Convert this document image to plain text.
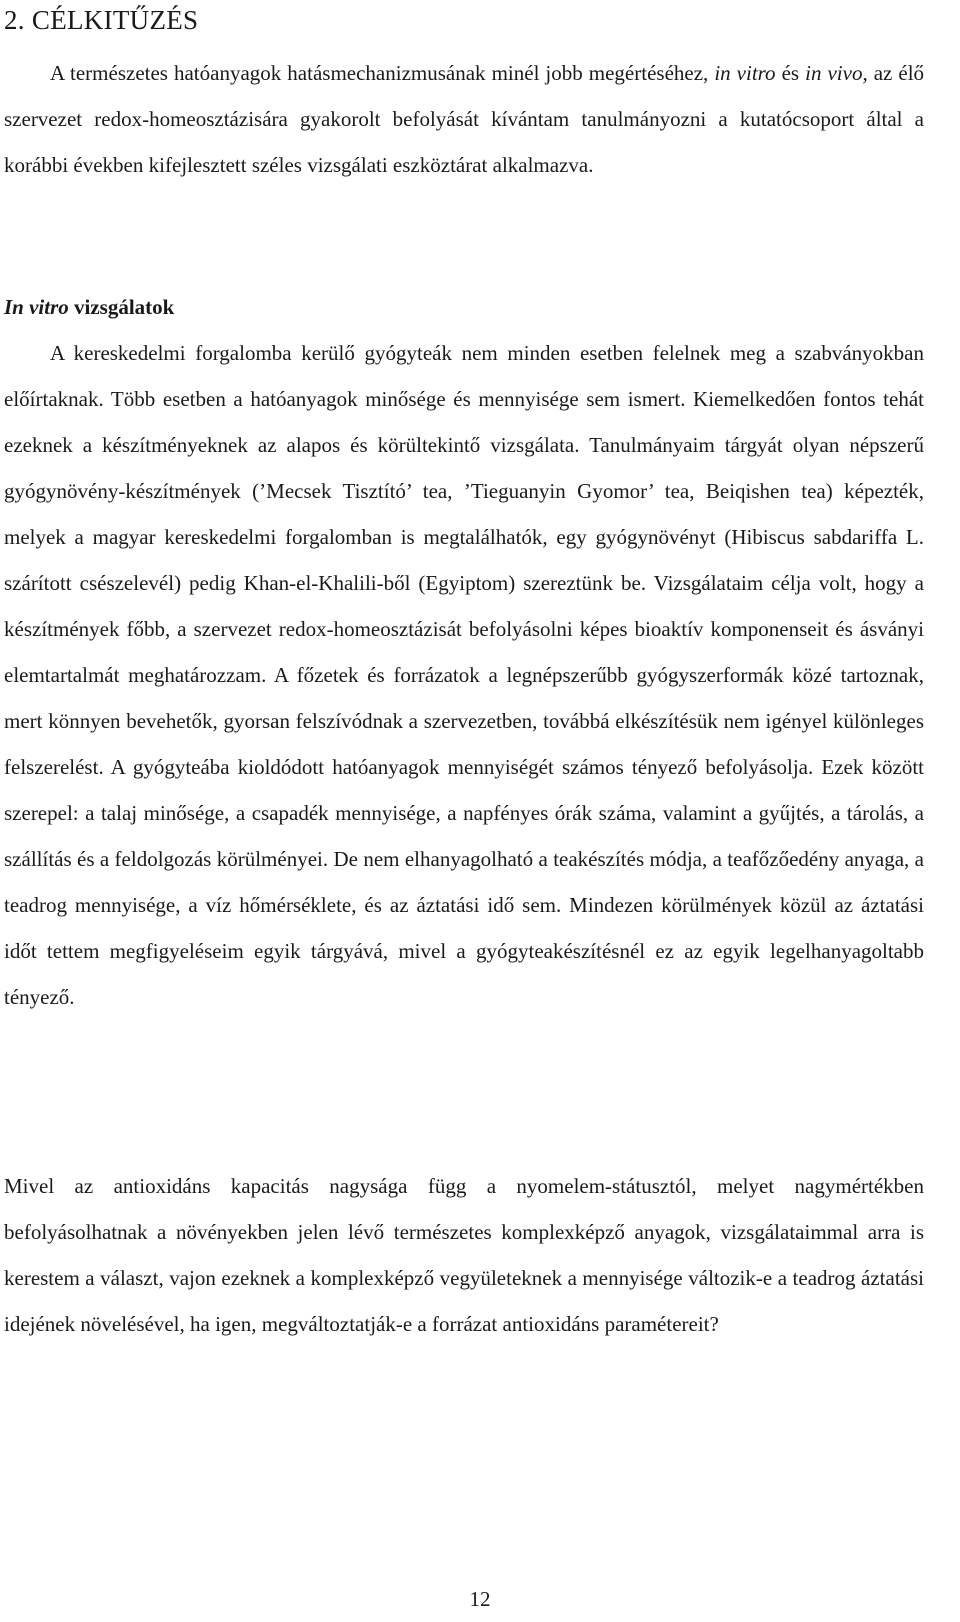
2. CÉLKITŰZÉS

A természetes hatóanyagok hatásmechanizmusának minél jobb megértéséhez, in vitro és in vivo, az élő szervezet redox-homeosztázisára gyakorolt befolyását kívántam tanulmányozni a kutatócsoport által a korábbi években kifejlesztett széles vizsgálati eszköztárat alkalmazva.

In vitro vizsgálatok

A kereskedelmi forgalomba kerülő gyógyteák nem minden esetben felelnek meg a szabványokban előírtaknak. Több esetben a hatóanyagok minősége és mennyisége sem ismert. Kiemelkedően fontos tehát ezeknek a készítményeknek az alapos és körültekintő vizsgálata. Tanulmányaim tárgyát olyan népszerű gyógynövény-készítmények (’Mecsek Tisztító’ tea, ’Tieguanyin Gyomor’ tea, Beiqishen tea) képezték, melyek a magyar kereskedelmi forgalomban is megtalálhatók, egy gyógynövényt (Hibiscus sabdariffa L. szárított csészelevél) pedig Khan-el-Khalili-ből (Egyiptom) szereztünk be. Vizsgálataim célja volt, hogy a készítmények főbb, a szervezet redox-homeosztázisát befolyásolni képes bioaktív komponenseit és ásványi elemtartalmát meghatározzam. A főzetek és forrázatok a legnépszerűbb gyógyszerformák közé tartoznak, mert könnyen bevehetők, gyorsan felszívódnak a szervezetben, továbbá elkészítésük nem igényel különleges felszerelést. A gyógyteába kioldódott hatóanyagok mennyiségét számos tényező befolyásolja. Ezek között szerepel: a talaj minősége, a csapadék mennyisége, a napfényes órák száma, valamint a gyűjtés, a tárolás, a szállítás és a feldolgozás körülményei. De nem elhanyagolható a teakészítés módja, a teafőzőedény anyaga, a teadrog mennyisége, a víz hőmérséklete, és az áztatási idő sem. Mindezen körülmények közül az áztatási időt tettem megfigyeléseim egyik tárgyává, mivel a gyógyteakészítésnél ez az egyik legelhanyagoltabb tényező.

Mivel az antioxidáns kapacitás nagysága függ a nyomelem-státusztól, melyet nagymértékben befolyásolhatnak a növényekben jelen lévő természetes komplexképző anyagok, vizsgálataimmal arra is kerestem a választ, vajon ezeknek a komplexképző vegyületeknek a mennyisége változik-e a teadrog áztatási idejének növelésével, ha igen, megváltoztatják-e a forrázat antioxidáns paramétereit?

12
